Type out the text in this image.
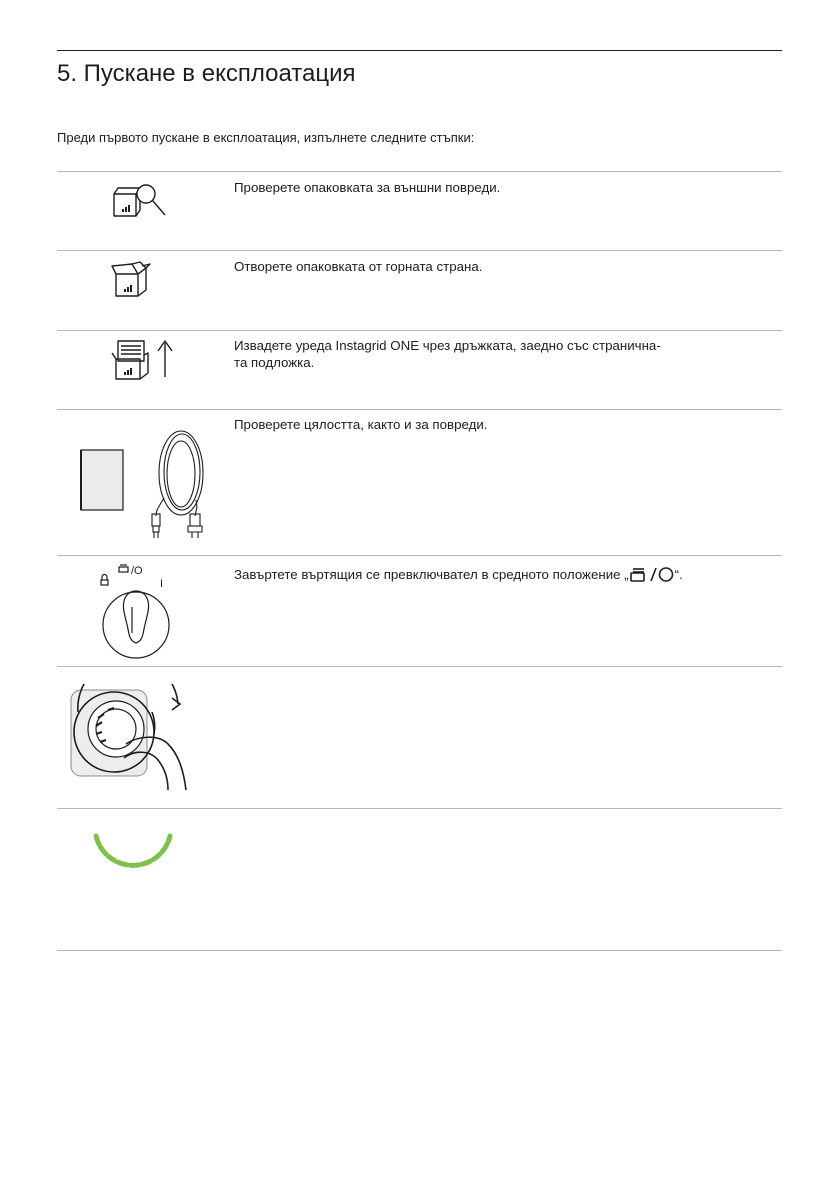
5. Пускане в експлоатация
Преди първото пускане в експлоатация, изпълнете следните стъпки:
Проверете опаковката за външни повреди.
Отворете опаковката от горната страна.
Извадете уреда Instagrid ONE чрез дръжката, заедно със странична-
та подложка.
Проверете цялостта, както и за повреди.
Завъртете въртящия се превключвател в средното положение „	“.
/O
I
